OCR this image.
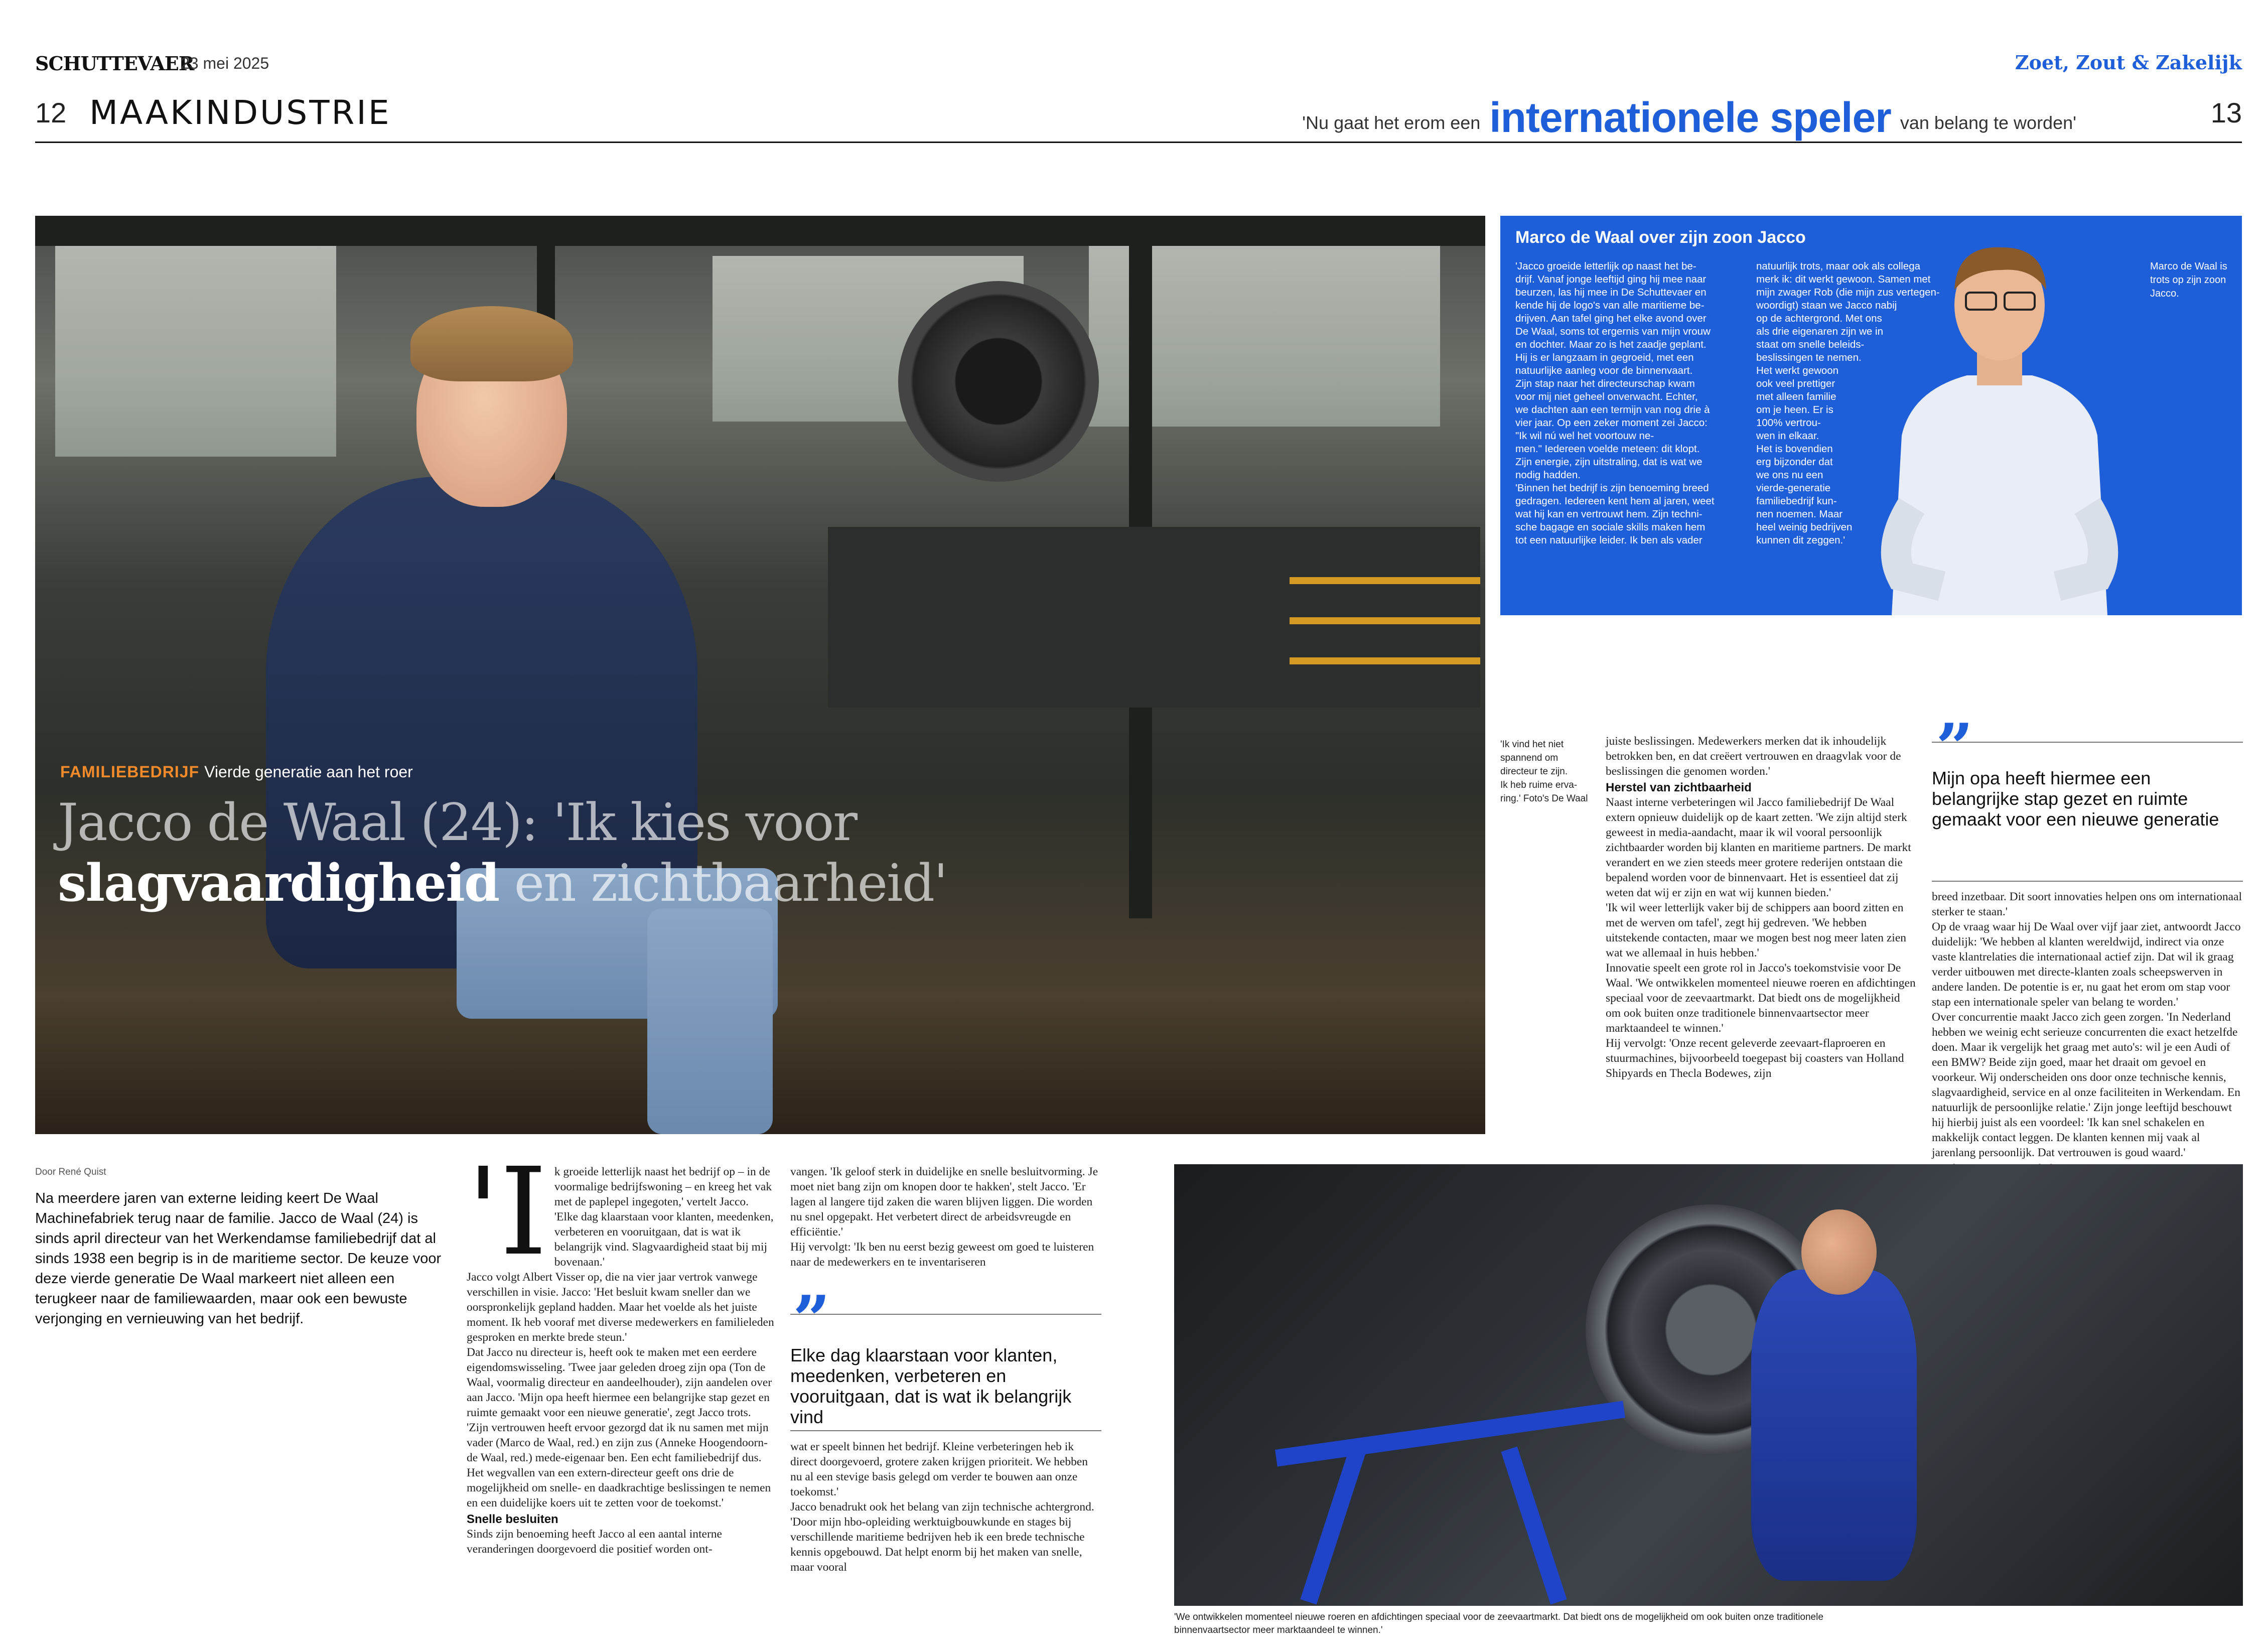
SCHUTTEVAER
23 mei 2025	Zoet, Zout & Zakelijk
12	13
MAAKINDUSTRIE	'Nu gaat het erom een internationele speler van belang te worden'
FAMILIEBEDRIJF Vierde generatie aan het roer
Jacco de Waal (24): 'Ik kies voor
slagvaardigheid en zichtbaarheid'
Marco de Waal over zijn zoon Jacco
'Jacco groeide letterlijk op naast het be-
drijf. Vanaf jonge leeftijd ging hij mee naar
beurzen, las hij mee in De Schuttevaer en
kende hij de logo's van alle maritieme be-
drijven. Aan tafel ging het elke avond over
De Waal, soms tot ergernis van mijn vrouw
en dochter. Maar zo is het zaadje geplant.
Hij is er langzaam in gegroeid, met een
natuurlijke aanleg voor de binnenvaart.
Zijn stap naar het directeurschap kwam
voor mij niet geheel onverwacht. Echter,
we dachten aan een termijn van nog drie à
vier jaar. Op een zeker moment zei Jacco:
"Ik wil nú wel het voortouw ne-
men." Iedereen voelde meteen: dit klopt.
Zijn energie, zijn uitstraling, dat is wat we
nodig hadden.
'Binnen het bedrijf is zijn benoeming breed
gedragen. Iedereen kent hem al jaren, weet
wat hij kan en vertrouwt hem. Zijn techni-
sche bagage en sociale skills maken hem
tot een natuurlijke leider. Ik ben als vader
natuurlijk trots, maar ook als collega
merk ik: dit werkt gewoon. Samen met
mijn zwager Rob (die mijn zus vertegen-
woordigt) staan we Jacco nabij
op de achtergrond. Met ons
als drie eigenaren zijn we in
staat om snelle beleids-
beslissingen te nemen.
Het werkt gewoon
ook veel prettiger
met alleen familie
om je heen. Er is
100% vertrou-
wen in elkaar.
Het is bovendien
erg bijzonder dat
we ons nu een
vierde-generatie
familiebedrijf kun-
nen noemen. Maar
heel weinig bedrijven
kunnen dit zeggen.'
Marco de Waal is
trots op zijn zoon
Jacco.
Door René Quist
Na meerdere jaren van externe leiding keert De Waal Machinefabriek terug naar de familie. Jacco de Waal (24) is sinds april directeur van het Werkendamse familiebedrijf dat al sinds 1938 een begrip is in de maritieme sector. De keuze voor deze vierde generatie De Waal markeert niet alleen een terugkeer naar de familiewaarden, maar ook een bewuste verjonging en vernieuwing van het bedrijf.
'I k groeide letterlijk naast het bedrijf op – in de voormalige bedrijfswoning – en kreeg het vak met de paplepel ingegoten,' vertelt Jacco. 'Elke dag klaarstaan voor klanten, meedenken, verbeteren en vooruitgaan, dat is wat ik belangrijk vind. Slagvaardigheid staat bij mij bovenaan.'

Jacco volgt Albert Visser op, die na vier jaar vertrok vanwege verschillen in visie. Jacco: 'Het besluit kwam sneller dan we oorspronkelijk gepland hadden. Maar het voelde als het juiste moment. Ik heb vooraf met diverse medewerkers en familieleden gesproken en merkte brede steun.'

Dat Jacco nu directeur is, heeft ook te maken met een eerdere eigendomswisseling. 'Twee jaar geleden droeg zijn opa (Ton de Waal, voormalig directeur en aandeelhouder), zijn aandelen over aan Jacco. 'Mijn opa heeft hiermee een belangrijke stap gezet en ruimte gemaakt voor een nieuwe generatie', zegt Jacco trots. 'Zijn vertrouwen heeft ervoor gezorgd dat ik nu samen met mijn vader (Marco de Waal, red.) en zijn zus (Anneke Hoogendoorn-de Waal, red.) mede-eigenaar ben. Een echt familiebedrijf dus. Het wegvallen van een extern-directeur geeft ons drie de mogelijkheid om snelle- en daadkrachtige beslissingen te nemen en een duidelijke koers uit te zetten voor de toekomst.'

Snelle besluiten

Sinds zijn benoeming heeft Jacco al een aantal interne veranderingen doorgevoerd die positief worden ont-

vangen. 'Ik geloof sterk in duidelijke en snelle besluitvorming. Je moet niet bang zijn om knopen door te hakken', stelt Jacco. 'Er lagen al langere tijd zaken die waren blijven liggen. Die worden nu snel opgepakt. Het verbetert direct de arbeidsvreugde en efficiëntie.'

Hij vervolgt: 'Ik ben nu eerst bezig geweest om goed te luisteren naar de medewerkers en te inventariseren

”
Elke dag klaarstaan voor klanten, meedenken, verbeteren en vooruitgaan, dat is wat ik belangrijk vind

wat er speelt binnen het bedrijf. Kleine verbeteringen heb ik direct doorgevoerd, grotere zaken krijgen prioriteit. We hebben nu al een stevige basis gelegd om verder te bouwen aan onze toekomst.'

Jacco benadrukt ook het belang van zijn technische achtergrond. 'Door mijn hbo-opleiding werktuigbouwkunde en stages bij verschillende maritieme bedrijven heb ik een brede technische kennis opgebouwd. Dat helpt enorm bij het maken van snelle, maar vooral

'Ik vind het niet
spannend om
directeur te zijn.
Ik heb ruime erva-
ring.' Foto's De Waal

juiste beslissingen. Medewerkers merken dat ik inhoudelijk betrokken ben, en dat creëert vertrouwen en draagvlak voor de beslissingen die genomen worden.'

Herstel van zichtbaarheid

Naast interne verbeteringen wil Jacco familiebedrijf De Waal extern opnieuw duidelijk op de kaart zetten. 'We zijn altijd sterk geweest in media-aandacht, maar ik wil vooral persoonlijk zichtbaarder worden bij klanten en maritieme partners. De markt verandert en we zien steeds meer grotere rederijen ontstaan die bepalend worden voor de binnenvaart. Het is essentieel dat zij weten dat wij er zijn en wat wij kunnen bieden.'

'Ik wil weer letterlijk vaker bij de schippers aan boord zitten en met de werven om tafel', zegt hij gedreven. 'We hebben uitstekende contacten, maar we mogen best nog meer laten zien wat we allemaal in huis hebben.'

Innovatie speelt een grote rol in Jacco's toekomstvisie voor De Waal. 'We ontwikkelen momenteel nieuwe roeren en afdichtingen speciaal voor de zeevaartmarkt. Dat biedt ons de mogelijkheid om ook buiten onze traditionele binnenvaartsector meer marktaandeel te winnen.'

Hij vervolgt: 'Onze recent geleverde zeevaart-flaproeren en stuurmachines, bijvoorbeeld toegepast bij coasters van Holland Shipyards en Thecla Bodewes, zijn

”
Mijn opa heeft hiermee een belangrijke stap gezet en ruimte gemaakt voor een nieuwe generatie

breed inzetbaar. Dit soort innovaties helpen ons om internationaal sterker te staan.'

Op de vraag waar hij De Waal over vijf jaar ziet, antwoordt Jacco duidelijk: 'We hebben al klanten wereldwijd, indirect via onze vaste klantrelaties die internationaal actief zijn. Dat wil ik graag verder uitbouwen met directe-klanten zoals scheepswerven in andere landen. De potentie is er, nu gaat het erom om stap voor stap een internationale speler van belang te worden.'

Over concurrentie maakt Jacco zich geen zorgen. 'In Nederland hebben we weinig echt serieuze concurrenten die exact hetzelfde doen. Maar ik vergelijk het graag met auto's: wil je een Audi of een BMW? Beide zijn goed, maar het draait om gevoel en voorkeur. Wij onderscheiden ons door onze technische kennis, slagvaardigheid, service en al onze faciliteiten in Werkendam. En natuurlijk de persoonlijke relatie.' Zijn jonge leeftijd beschouwt hij hierbij juist als een voordeel: 'Ik kan snel schakelen en makkelijk contact leggen. De klanten kennen mij vaak al jarenlang persoonlijk. Dat vertrouwen is goud waard.'

'We ontwikkelen momenteel nieuwe roeren en afdichtingen speciaal voor de zeevaartmarkt. Dat biedt ons de mogelijkheid om ook buiten onze traditionele
binnenvaartsector meer marktaandeel te winnen.'
